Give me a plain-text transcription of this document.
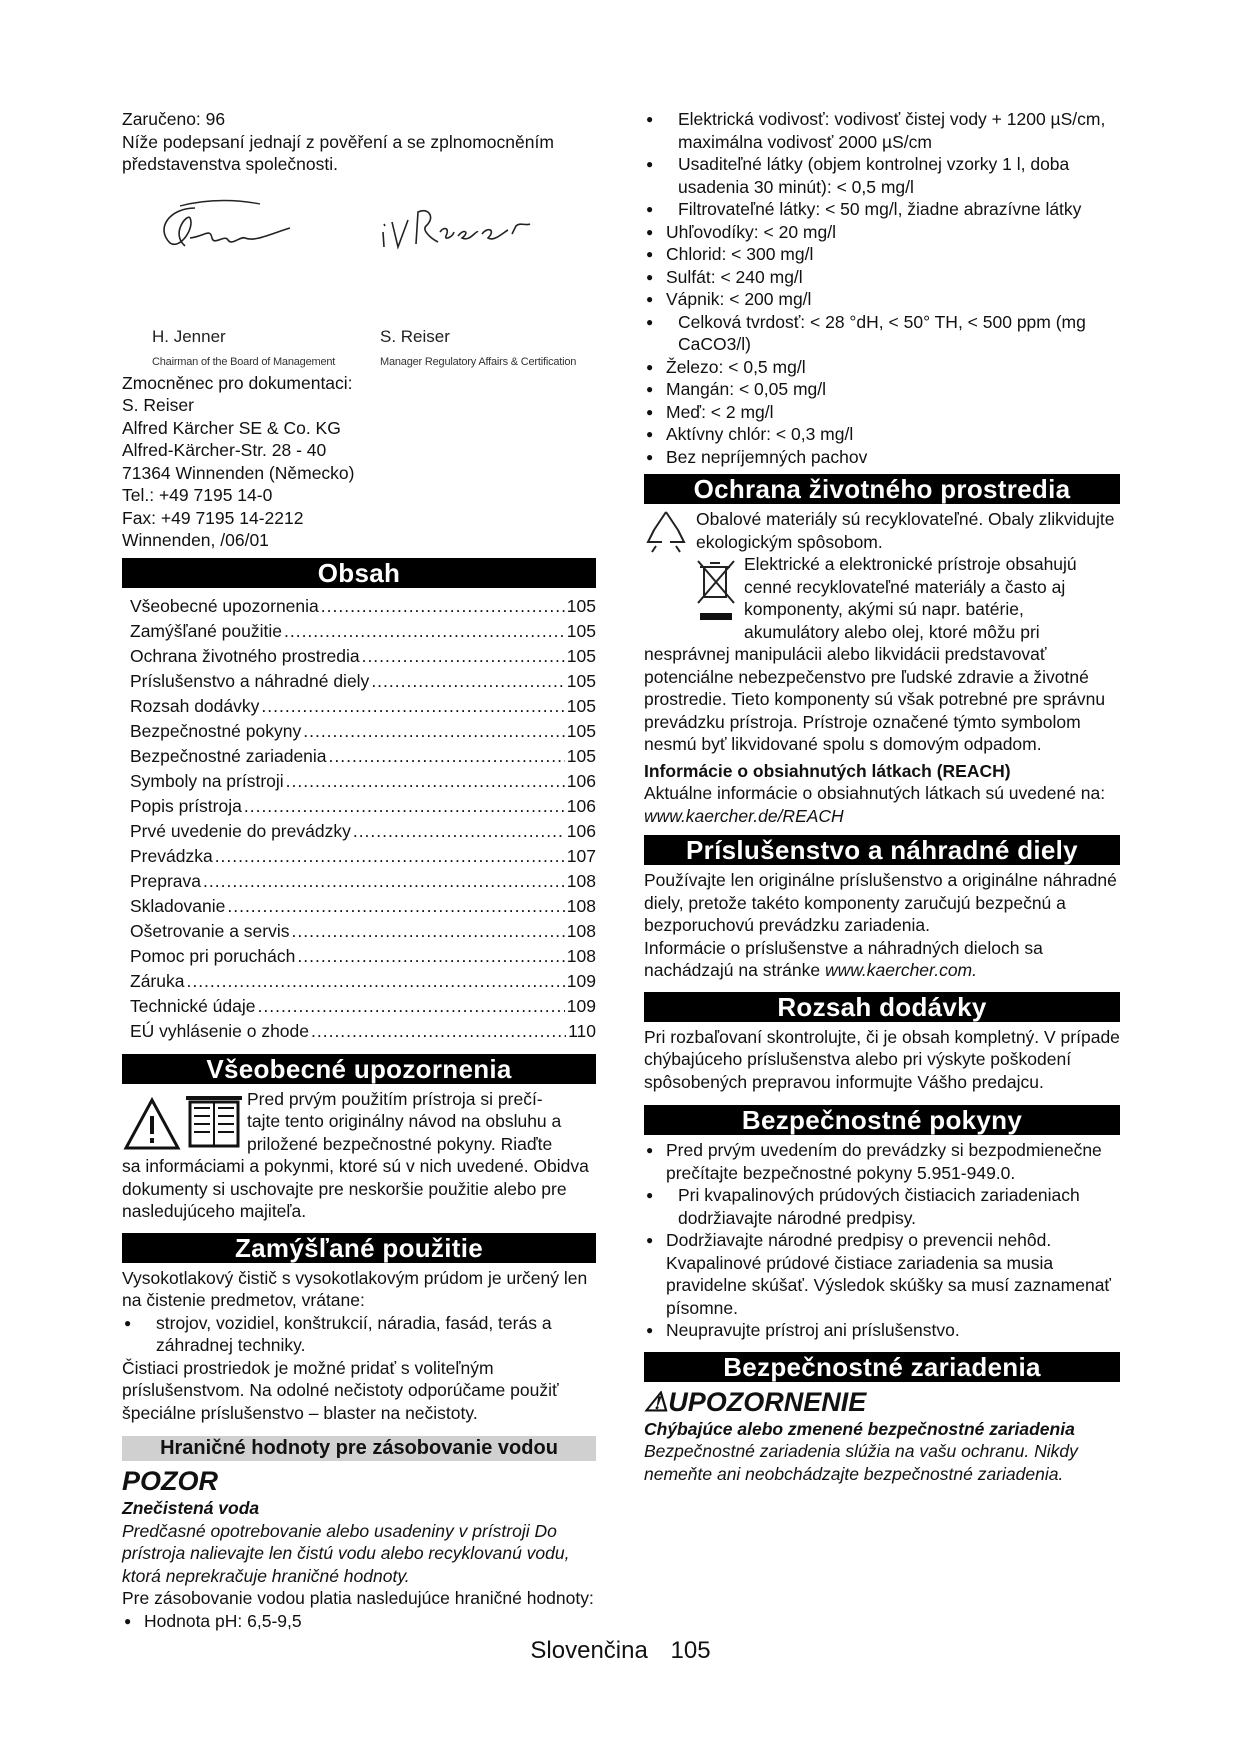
Zaručeno: 96

Níže podepsaní jednají z pověření a se zplnomocněním představenstva společnosti.

H. Jenner
Chairman of the Board of Management
S. Reiser
Manager Regulatory Affairs & Certification

Zmocněnec pro dokumentaci:

S. Reiser

Alfred Kärcher SE & Co. KG

Alfred-Kärcher-Str. 28 - 40

71364 Winnenden (Německo)

Tel.: +49 7195 14-0

Fax: +49 7195 14-2212

Winnenden, /06/01

Obsah
Všeobecné upozornenia .....	105
Zamýšľané použitie .....	105
Ochrana životného prostredia .....	105
Príslušenstvo a náhradné diely .....	105
Rozsah dodávky .....	105
Bezpečnostné pokyny .....	105
Bezpečnostné zariadenia .....	105
Symboly na prístroji .....	106
Popis prístroja .....	106
Prvé uvedenie do prevádzky .....	106
Prevádzka .....	107
Preprava .....	108
Skladovanie .....	108
Ošetrovanie a servis .....	108
Pomoc pri poruchách .....	108
Záruka .....	109
Technické údaje .....	109
EÚ vyhlásenie o zhode .....	110
Všeobecné upozornenia

Pred prvým použitím prístroja si prečí-

tajte tento originálny návod na obsluhu a

priložené bezpečnostné pokyny. Riaďte

sa informáciami a pokynmi, ktoré sú v nich uvedené. Obidva dokumenty si uschovajte pre neskoršie použitie alebo pre nasledujúceho majiteľa.

Zamýšľané použitie

Vysokotlakový čistič s vysokotlakovým prúdom je určený len na čistenie predmetov, vrátane:

● strojov, vozidiel, konštrukcií, náradia, fasád, terás a záhradnej techniky.

Čistiaci prostriedok je možné pridať s voliteľným príslušenstvom. Na odolné nečistoty odporúčame použiť špeciálne príslušenstvo – blaster na nečistoty.

Hraničné hodnoty pre zásobovanie vodou

POZOR

Znečistená voda

Predčasné opotrebovanie alebo usadeniny v prístroji Do prístroja nalievajte len čistú vodu alebo recyklovanú vodu, ktorá neprekračuje hraničné hodnoty.

Pre zásobovanie vodou platia nasledujúce hraničné hodnoty:

● Hodnota pH: 6,5-9,5
● Elektrická vodivosť: vodivosť čistej vody + 1200 µS/cm, maximálna vodivosť 2000 µS/cm
● Usaditeľné látky (objem kontrolnej vzorky 1 l, doba usadenia 30 minút): < 0,5 mg/l
● Filtrovateľné látky: < 50 mg/l, žiadne abrazívne látky
● Uhľovodíky: < 20 mg/l
● Chlorid: < 300 mg/l
● Sulfát: < 240 mg/l
● Vápnik: < 200 mg/l
● Celková tvrdosť: < 28 °dH, < 50° TH, < 500 ppm (mg CaCO3/l)
● Železo: < 0,5 mg/l
● Mangán: < 0,05 mg/l
● Meď: < 2 mg/l
● Aktívny chlór: < 0,3 mg/l
● Bez nepríjemných pachov
Ochrana životného prostredia

Obalové materiály sú recyklovateľné. Obaly zlikvidujte ekologickým spôsobom.

Elektrické a elektronické prístroje obsahujú cenné recyklovateľné materiály a často aj komponenty, akými sú napr. batérie, akumulátory alebo olej, ktoré môžu pri nesprávnej manipulácii alebo likvidácii predstavovať potenciálne nebezpečenstvo pre ľudské zdravie a životné prostredie. Tieto komponenty sú však potrebné pre správnu prevádzku prístroja. Prístroje označené týmto symbolom nesmú byť likvidované spolu s domovým odpadom.

Informácie o obsiahnutých látkach (REACH)

Aktuálne informácie o obsiahnutých látkach sú uvedené na: www.kaercher.de/REACH

Príslušenstvo a náhradné diely

Používajte len originálne príslušenstvo a originálne náhradné diely, pretože takéto komponenty zaručujú bezpečnú a bezporuchovú prevádzku zariadenia.

Informácie o príslušenstve a náhradných dieloch sa nachádzajú na stránke www.kaercher.com.

Rozsah dodávky

Pri rozbaľovaní skontrolujte, či je obsah kompletný. V prípade chýbajúceho príslušenstva alebo pri výskyte poškodení spôsobených prepravou informujte Vášho predajcu.

Bezpečnostné pokyny
● Pred prvým uvedením do prevádzky si bezpodmienečne prečítajte bezpečnostné pokyny 5.951-949.0.
● Pri kvapalinových prúdových čistiacich zariadeniach dodržiavajte národné predpisy.
● Dodržiavajte národné predpisy o prevencii nehôd. Kvapalinové prúdové čistiace zariadenia sa musia pravidelne skúšať. Výsledok skúšky sa musí zaznamenať písomne.
● Neupravujte prístroj ani príslušenstvo.
Bezpečnostné zariadenia

⚠UPOZORNENIE

Chýbajúce alebo zmenené bezpečnostné zariadenia

Bezpečnostné zariadenia slúžia na vašu ochranu. Nikdy nemeňte ani neobchádzajte bezpečnostné zariadenia.

Slovenčina 105
